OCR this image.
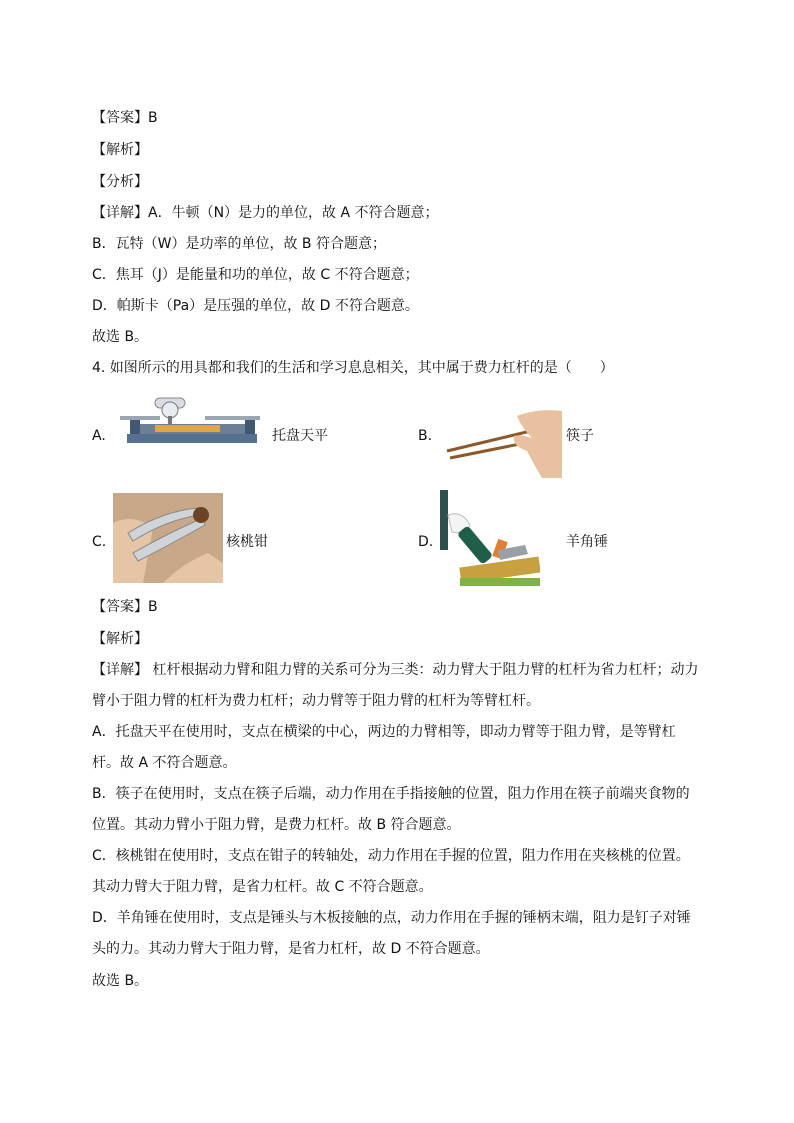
【答案】B
【解析】
【分析】
【详解】A．牛顿（N）是力的单位，故 A 不符合题意；
B．瓦特（W）是功率的单位，故 B 符合题意；
C．焦耳（J）是能量和功的单位，故 C 不符合题意；
D．帕斯卡（Pa）是压强的单位，故 D 不符合题意。
故选 B。
4. 如图所示的用具都和我们的生活和学习息息相关，其中属于费力杠杆的是（　　）
A.	托盘天平	B.	筷子
C.	核桃钳	D.	羊角锤
【答案】B
【解析】
【详解】 杠杆根据动力臂和阻力臂的关系可分为三类：动力臂大于阻力臂的杠杆为省力杠杆；动力臂小于阻力臂的杠杆为费力杠杆；动力臂等于阻力臂的杠杆为等臂杠杆。
A．托盘天平在使用时，支点在横梁的中心，两边的力臂相等，即动力臂等于阻力臂，是等臂杠杆。故 A 不符合题意。
B．筷子在使用时，支点在筷子后端，动力作用在手指接触的位置，阻力作用在筷子前端夹食物的位置。其动力臂小于阻力臂，是费力杠杆。故 B 符合题意。
C．核桃钳在使用时，支点在钳子的转轴处，动力作用在手握的位置，阻力作用在夹核桃的位置。其动力臂大于阻力臂，是省力杠杆。故 C 不符合题意。
D．羊角锤在使用时，支点是锤头与木板接触的点，动力作用在手握的锤柄末端，阻力是钉子对锤头的力。其动力臂大于阻力臂，是省力杠杆，故 D 不符合题意。
故选 B。
